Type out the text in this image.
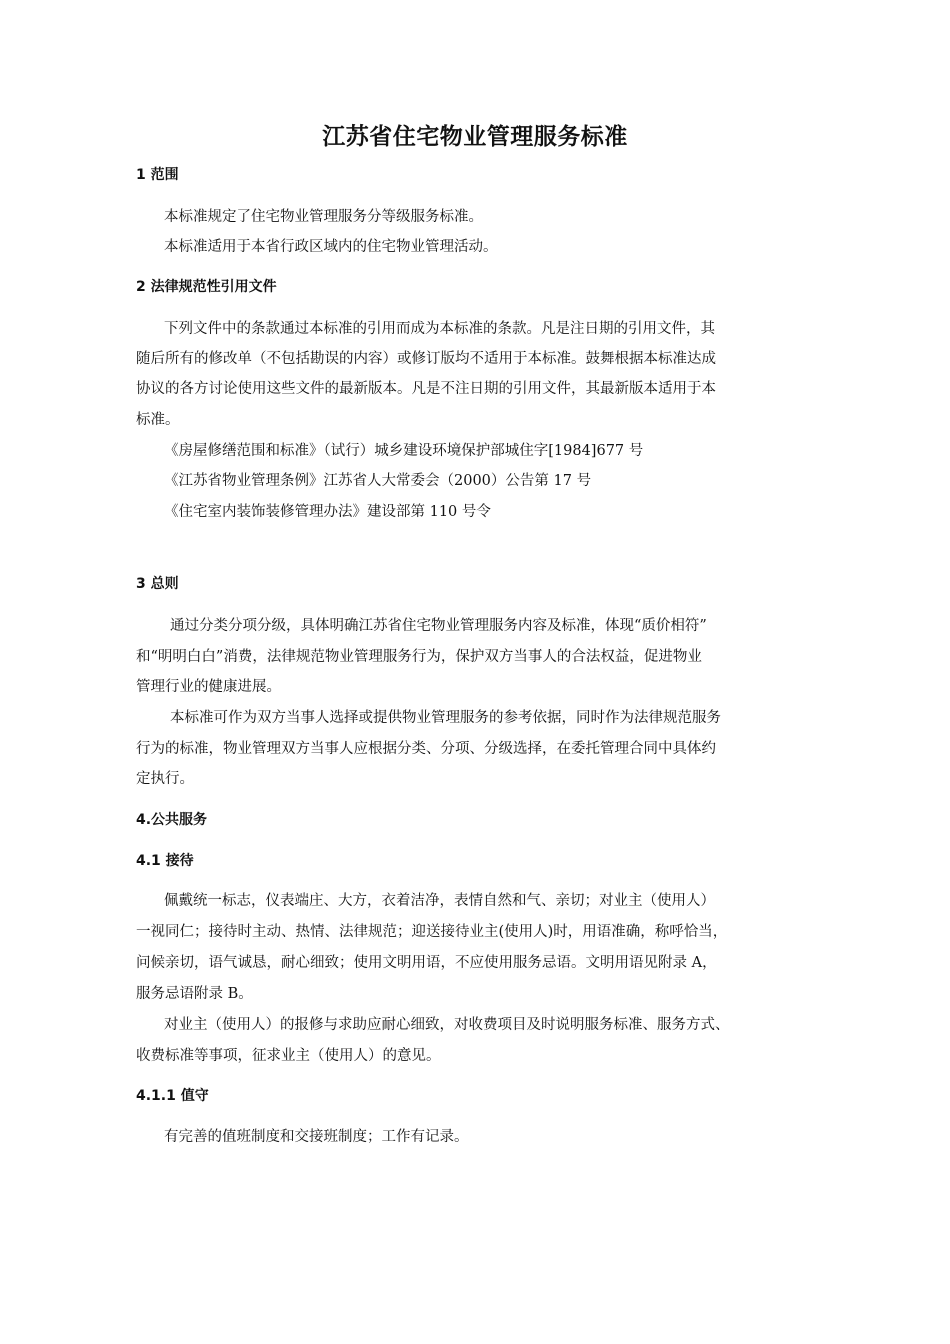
江苏省住宅物业管理服务标准
1 范围
本标准规定了住宅物业管理服务分等级服务标准。
本标准适用于本省行政区域内的住宅物业管理活动。
2 法律规范性引用文件
下列文件中的条款通过本标准的引用而成为本标准的条款。凡是注日期的引用文件，其
随后所有的修改单（不包括勘误的内容）或修订版均不适用于本标准。鼓舞根据本标准达成
协议的各方讨论使用这些文件的最新版本。凡是不注日期的引用文件，其最新版本适用于本
标准。
《房屋修缮范围和标准》（试行）城乡建设环境保护部城住字[1984]677 号
《江苏省物业管理条例》江苏省人大常委会（2000）公告第 17 号
《住宅室内装饰装修管理办法》建设部第 110 号令
3 总则
通过分类分项分级，具体明确江苏省住宅物业管理服务内容及标准，体现“质价相符”
和“明明白白”消费，法律规范物业管理服务行为，保护双方当事人的合法权益，促进物业
管理行业的健康进展。
本标准可作为双方当事人选择或提供物业管理服务的参考依据，同时作为法律规范服务
行为的标准，物业管理双方当事人应根据分类、分项、分级选择，在委托管理合同中具体约
定执行。
4.公共服务
4.1 接待
佩戴统一标志，仪表端庄、大方，衣着洁净，表情自然和气、亲切；对业主（使用人）
一视同仁；接待时主动、热情、法律规范；迎送接待业主(使用人)时，用语准确，称呼恰当，
问候亲切，语气诚恳，耐心细致；使用文明用语，不应使用服务忌语。文明用语见附录 A，
服务忌语附录 B。
对业主（使用人）的报修与求助应耐心细致，对收费项目及时说明服务标准、服务方式、
收费标准等事项，征求业主（使用人）的意见。
4.1.1 值守
有完善的值班制度和交接班制度；工作有记录。
